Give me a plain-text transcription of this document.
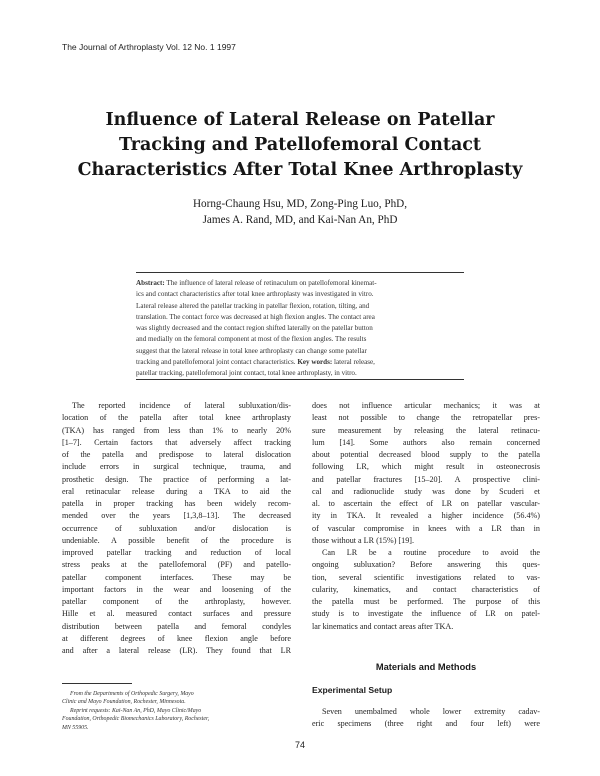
The Journal of Arthroplasty Vol. 12 No. 1 1997
Influence of Lateral Release on Patellar
Tracking and Patellofemoral Contact
Characteristics After Total Knee Arthroplasty
Horng-Chaung Hsu, MD, Zong-Ping Luo, PhD,
James A. Rand, MD, and Kai-Nan An, PhD
Abstract: The influence of lateral release of retinaculum on patellofemoral kinemat-
ics and contact characteristics after total knee arthroplasty was investigated in vitro.
Lateral release altered the patellar tracking in patellar flexion, rotation, tilting, and
translation. The contact force was decreased at high flexion angles. The contact area
was slightly decreased and the contact region shifted laterally on the patellar button
and medially on the femoral component at most of the flexion angles. The results
suggest that the lateral release in total knee arthroplasty can change some patellar
tracking and patellofemoral joint contact characteristics. Key words: lateral release,
patellar tracking, patellofemoral joint contact, total knee arthroplasty, in vitro.
The reported incidence of lateral subluxation/dis-
location of the patella after total knee arthroplasty
(TKA) has ranged from less than 1% to nearly 20%
[1–7]. Certain factors that adversely affect tracking
of the patella and predispose to lateral dislocation
include errors in surgical technique, trauma, and
prosthetic design. The practice of performing a lat-
eral retinacular release during a TKA to aid the
patella in proper tracking has been widely recom-
mended over the years [1,3,8–13]. The decreased
occurrence of subluxation and/or dislocation is
undeniable. A possible benefit of the procedure is
improved patellar tracking and reduction of local
stress peaks at the patellofemoral (PF) and patello-
patellar component interfaces. These may be
important factors in the wear and loosening of the
patellar component of the arthroplasty, however.
Hille et al. measured contact surfaces and pressure
distribution between patella and femoral condyles
at different degrees of knee flexion angle before
and after a lateral release (LR). They found that LR
From the Departments of Orthopedic Surgery, Mayo
Clinic and Mayo Foundation, Rochester, Minnesota.
Reprint requests: Kai-Nan An, PhD, Mayo Clinic/Mayo
Foundation, Orthopedic Biomechanics Laboratory, Rochester,
MN 55905.
does not influence articular mechanics; it was at
least not possible to change the retropatellar pres-
sure measurement by releasing the lateral retinacu-
lum [14]. Some authors also remain concerned
about potential decreased blood supply to the patella
following LR, which might result in osteonecrosis
and patellar fractures [15–20]. A prospective clini-
cal and radionuclide study was done by Scuderi et
al. to ascertain the effect of LR on patellar vascular-
ity in TKA. It revealed a higher incidence (56.4%)
of vascular compromise in knees with a LR than in
those without a LR (15%) [19].
Can LR be a routine procedure to avoid the
ongoing subluxation? Before answering this ques-
tion, several scientific investigations related to vas-
cularity, kinematics, and contact characteristics of
the patella must be performed. The purpose of this
study is to investigate the influence of LR on patel-
lar kinematics and contact areas after TKA.
Materials and Methods
Experimental Setup
Seven unembalmed whole lower extremity cadav-
eric specimens (three right and four left) were
74
